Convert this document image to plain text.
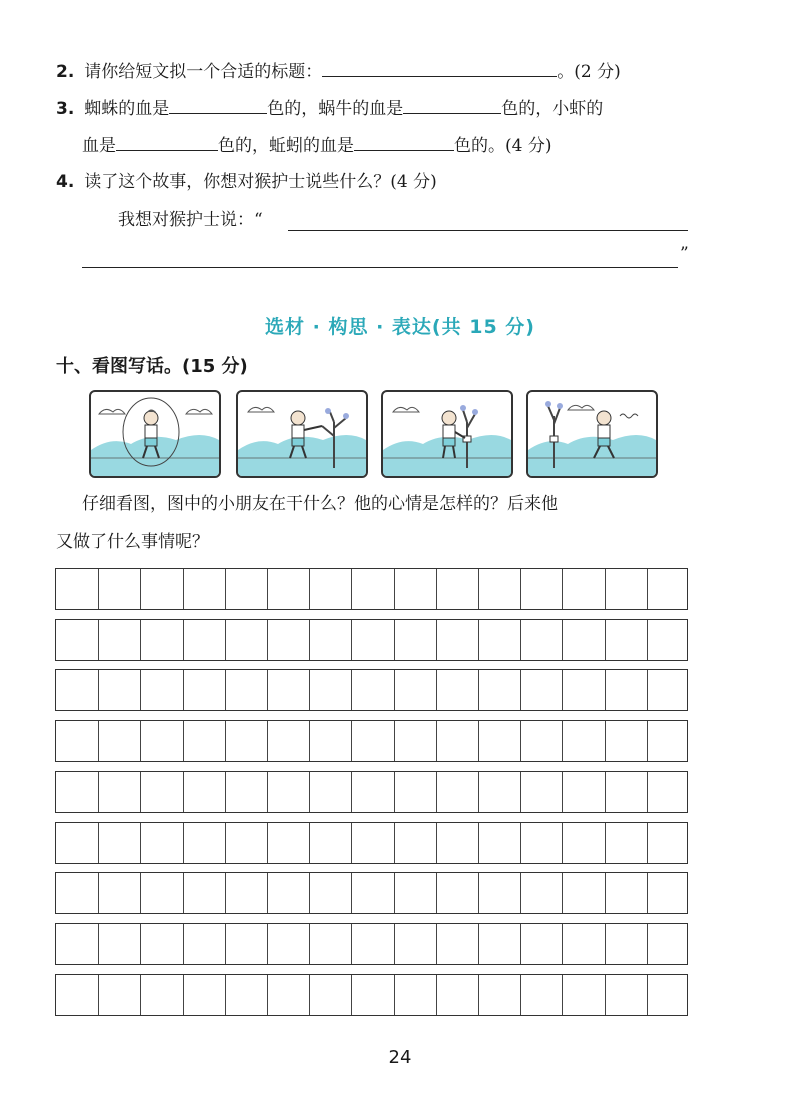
2. 请你给短文拟一个合适的标题：	。(2 分)
3. 蜘蛛的血是	色的，蜗牛的血是	色的，小虾的
血是	色的，蚯蚓的血是	色的。(4 分)
4. 读了这个故事，你想对猴护士说些什么？(4 分)
我想对猴护士说：“
”
选材 · 构思 · 表达(共 15 分)
十、看图写话。(15 分)
仔细看图，图中的小朋友在干什么？他的心情是怎样的？后来他
又做了什么事情呢？
24
